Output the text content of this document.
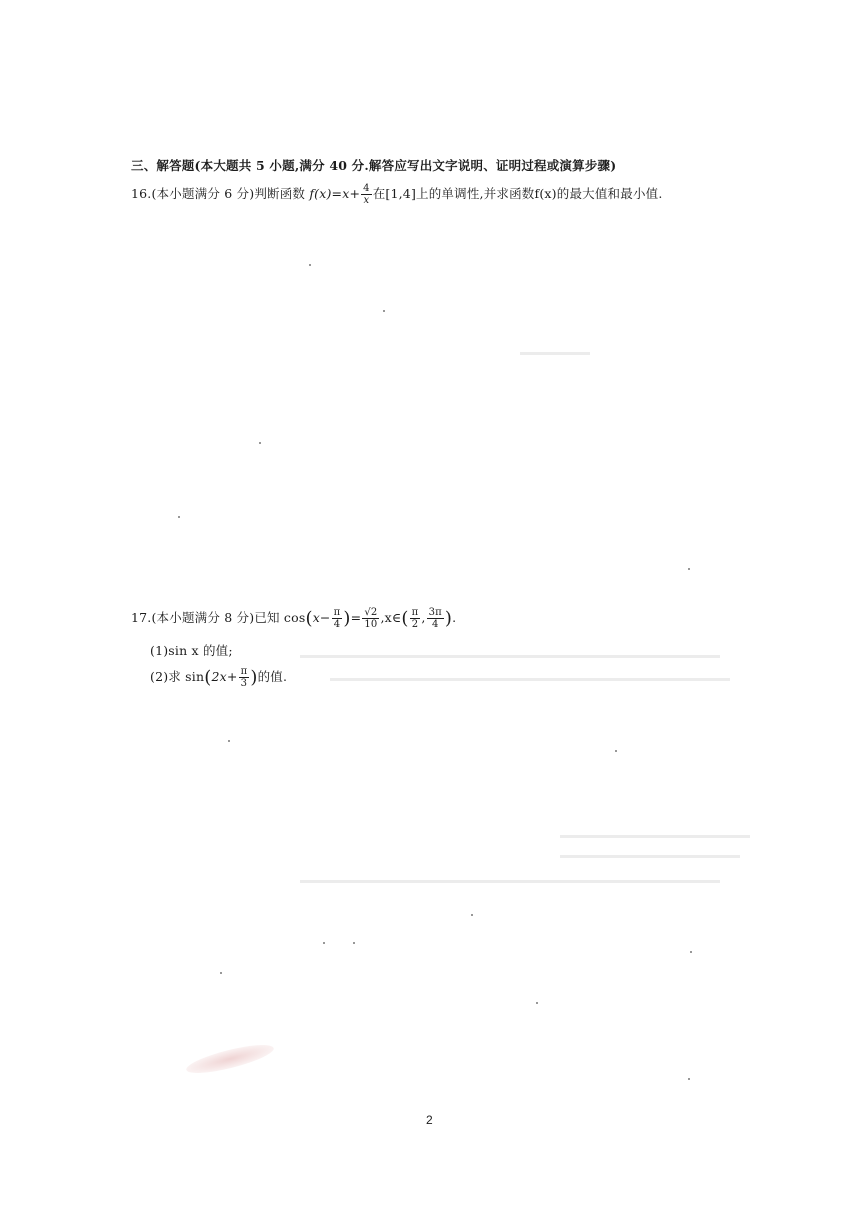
三、解答题(本大题共 5 小题,满分 40 分.解答应写出文字说明、证明过程或演算步骤)
16.(本小题满分 6 分)判断函数 $f(x)=x+ \frac{4}{x}$ 在[1,4]上的单调性,并求函数f(x)的最大值和最小值.
17.(本小题满分 8 分)已知 $\cos(x- \frac{\pi}{4}$ )= $\frac{√2}{10}$ ,x∈( $\frac{\pi}{2}$ , $\frac{3\pi}{4}$ ).
(1)sin x 的值;
(2)求 $\sin(2x+ \frac{\pi}{3}$ )的值.
2
